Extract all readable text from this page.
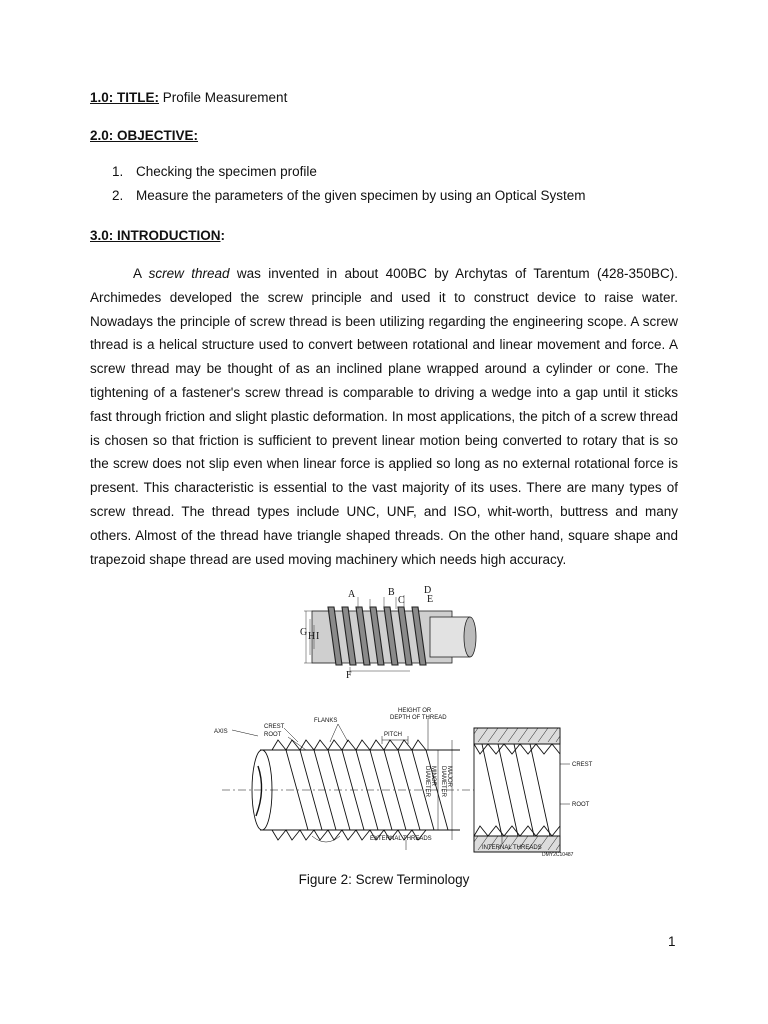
1.0: TITLE: Profile Measurement
2.0: OBJECTIVE:
1. Checking the specimen profile
2. Measure the parameters of the given specimen by using an Optical System
3.0: INTRODUCTION:

A screw thread was invented in about 400BC by Archytas of Tarentum (428-350BC). Archimedes developed the screw principle and used it to construct device to raise water. Nowadays the principle of screw thread is been utilizing regarding the engineering scope. A screw thread is a helical structure used to convert between rotational and linear movement and force. A screw thread may be thought of as an inclined plane wrapped around a cylinder or cone. The tightening of a fastener's screw thread is comparable to driving a wedge into a gap until it sticks fast through friction and slight plastic deformation. In most applications, the pitch of a screw thread is chosen so that friction is sufficient to prevent linear motion being converted to rotary that is so the screw does not slip even when linear force is applied so long as no external rotational force is present. This characteristic is essential to the vast majority of its uses. There are many types of screw thread. The thread types include UNC, UNF, and ISO, whit-worth, buttress and many others. Almost of the thread have triangle shaped threads. On the other hand, square shape and trapezoid shape thread are used moving machinery which needs high accuracy.

A	B
C
D
E
F
G H I
AXIS
CREST
ROOT
FLANKS
HEIGHT OR
DEPTH OF THREAD
PITCH
MINOR
DIAMETER	MAJOR
DIAMETER
CREST
ROOT
EXTERNAL THREADS
INTERNAL THREADS
DMY2C10487
Figure 2: Screw Terminology
1
